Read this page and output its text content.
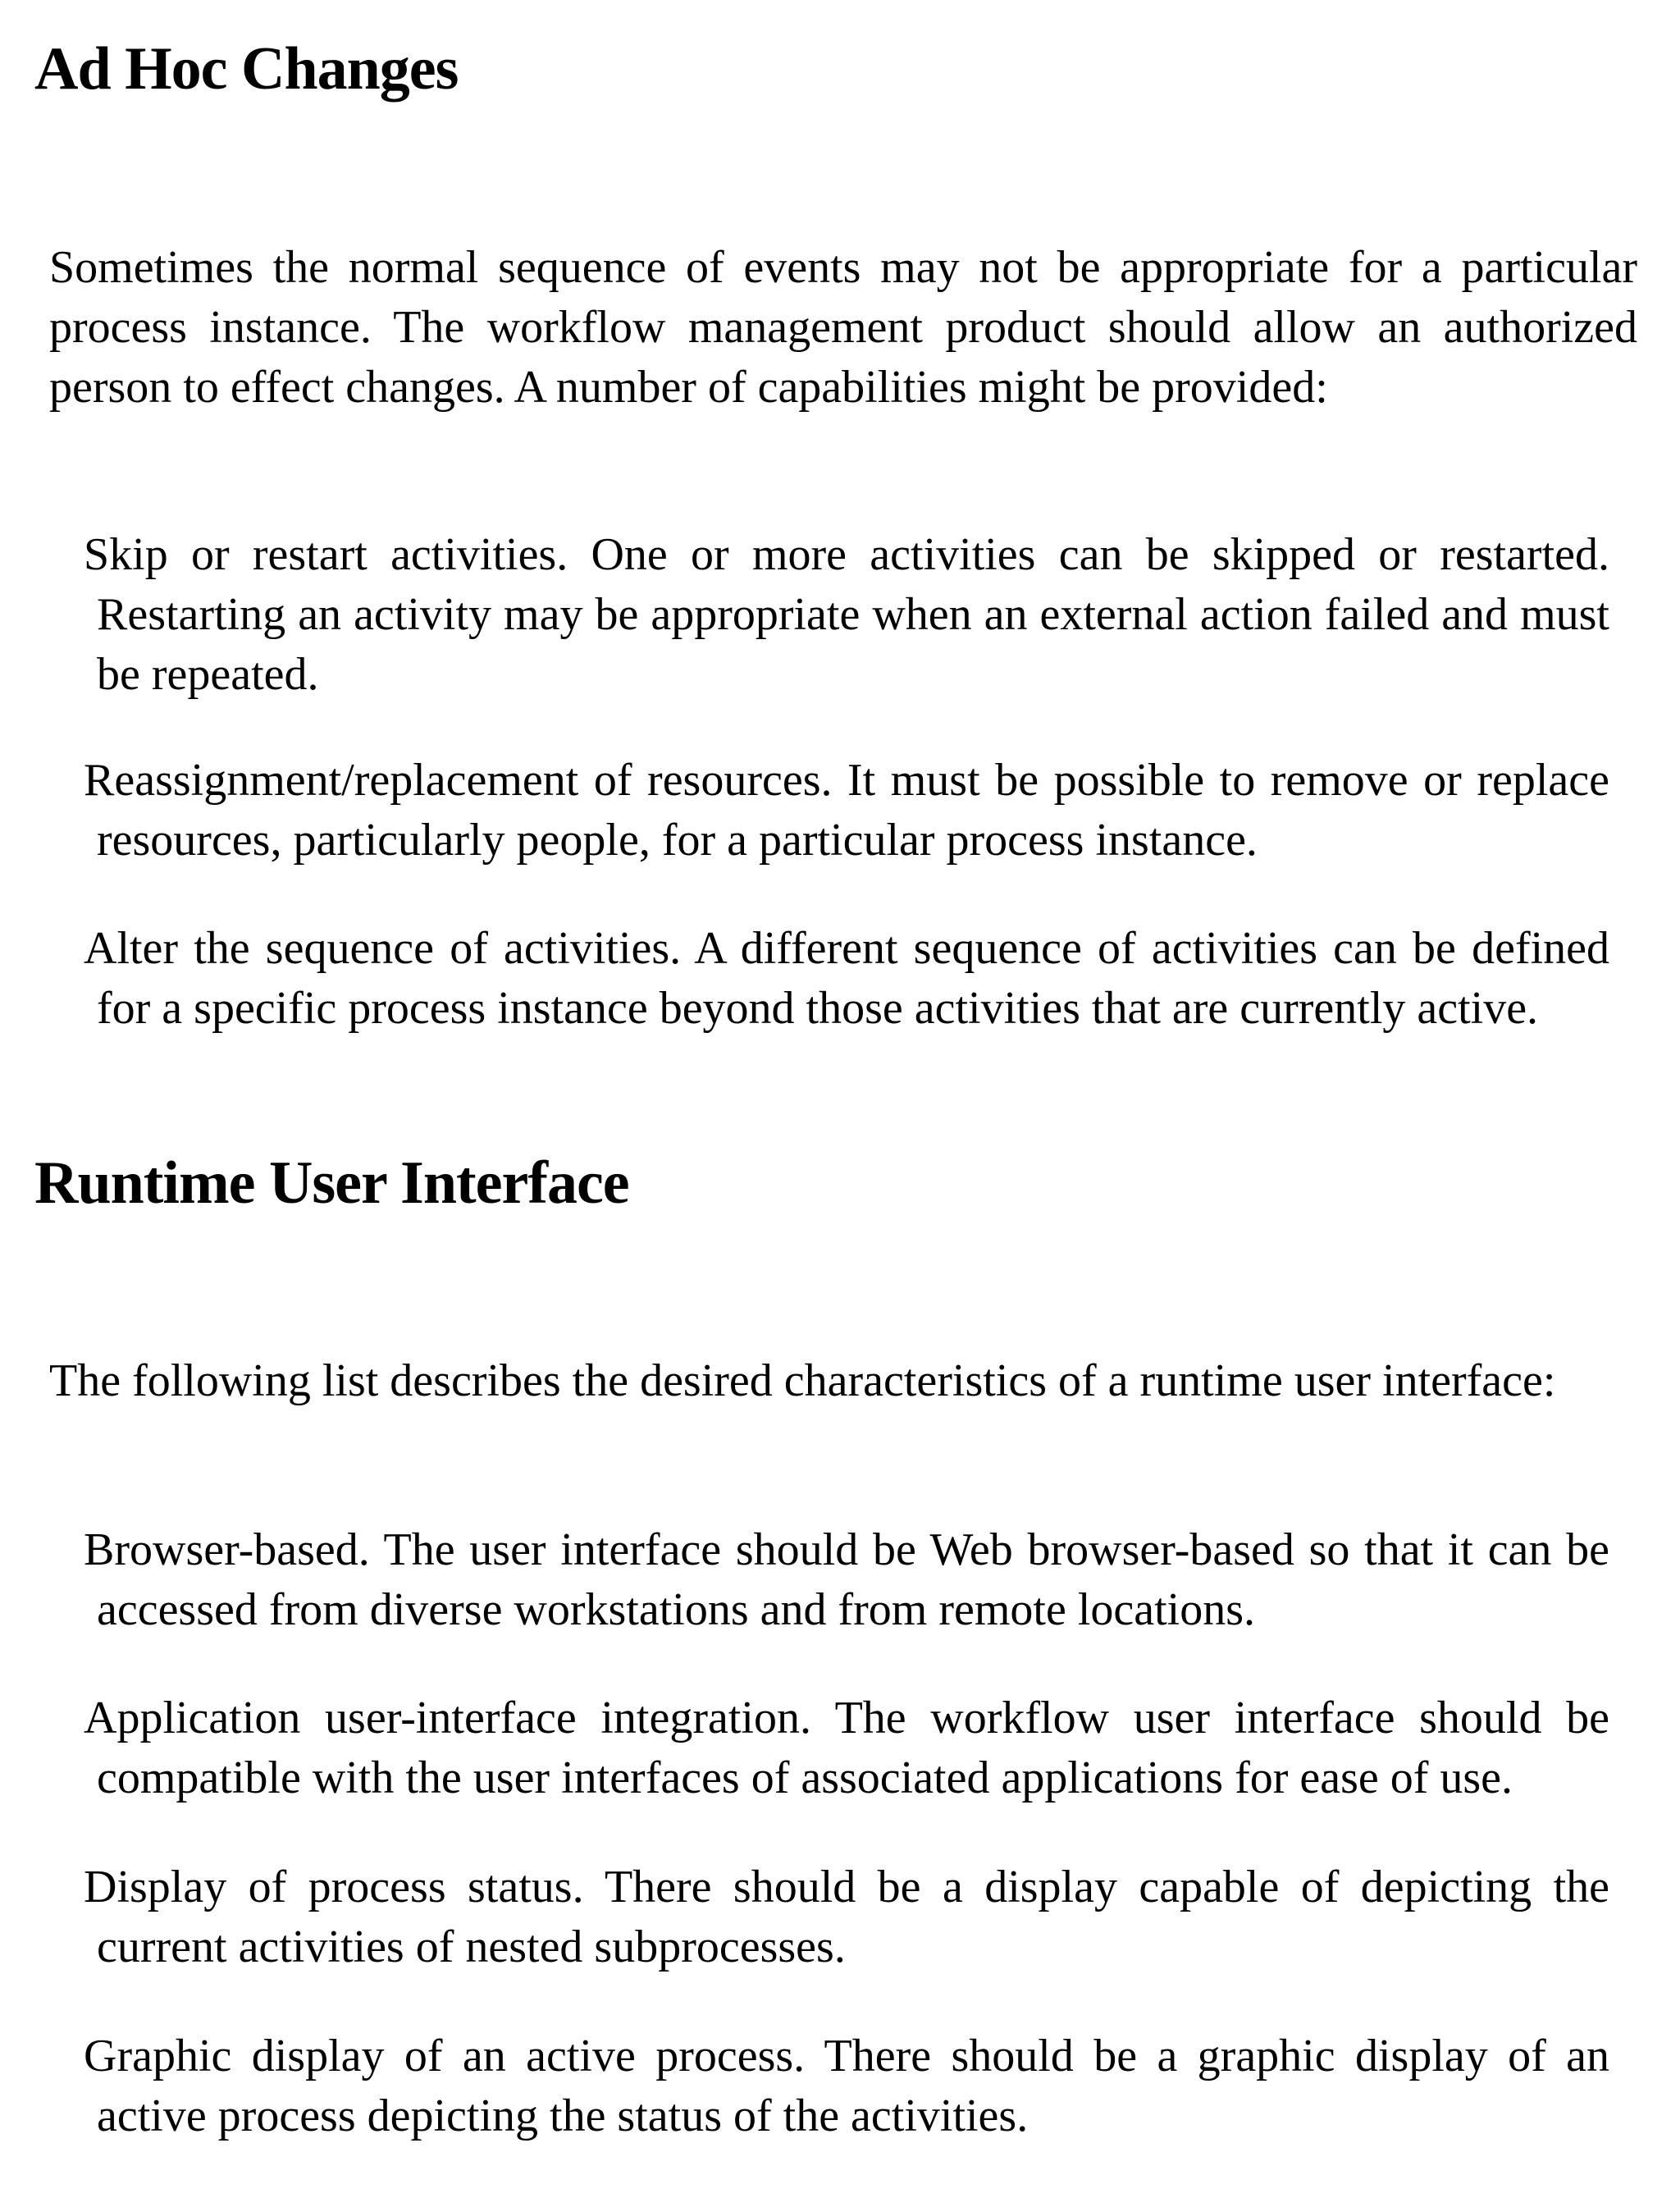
Ad Hoc Changes

Sometimes the normal sequence of events may not be appropriate for a particular process instance. The workflow management product should allow an authorized person to effect changes. A number of capabilities might be provided:

Skip or restart activities. One or more activities can be skipped or restarted. Restarting an activity may be appropriate when an external action failed and must be repeated.

Reassignment/replacement of resources. It must be possible to remove or replace resources, particularly people, for a particular process instance.

Alter the sequence of activities. A different sequence of activities can be defined for a specific process instance beyond those activities that are currently active.

Runtime User Interface

The following list describes the desired characteristics of a runtime user interface:

Browser-based. The user interface should be Web browser-based so that it can be accessed from diverse workstations and from remote locations.

Application user-interface integration. The workflow user interface should be compatible with the user interfaces of associated applications for ease of use.

Display of process status. There should be a display capable of depicting the current activities of nested subprocesses.

Graphic display of an active process. There should be a graphic display of an active process depicting the status of the activities.
